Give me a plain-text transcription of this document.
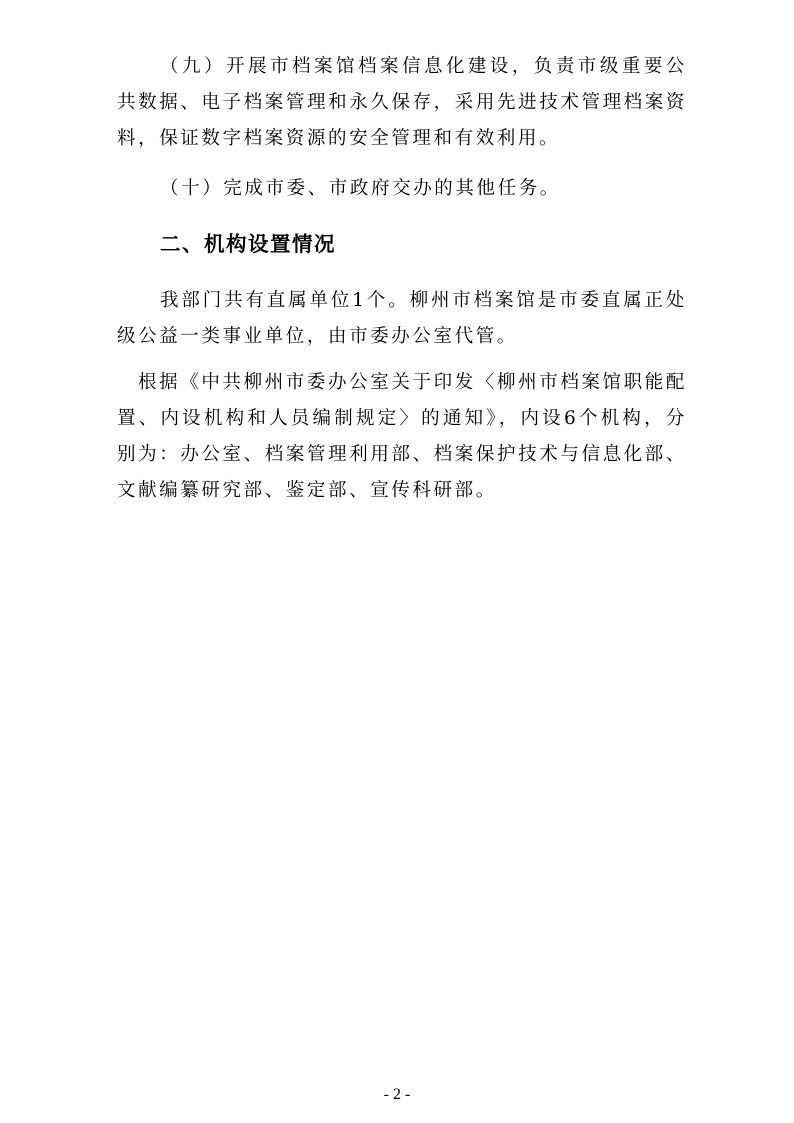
（九）开展市档案馆档案信息化建设，负责市级重要公共数据、电子档案管理和永久保存，采用先进技术管理档案资料，保证数字档案资源的安全管理和有效利用。

（十）完成市委、市政府交办的其他任务。

二、机构设置情况

我部门共有直属单位1个。柳州市档案馆是市委直属正处级公益一类事业单位，由市委办公室代管。

根据《中共柳州市委办公室关于印发〈柳州市档案馆职能配置、内设机构和人员编制规定〉的通知》，内设6个机构，分别为：办公室、档案管理利用部、档案保护技术与信息化部、文献编纂研究部、鉴定部、宣传科研部。

- 2 -
